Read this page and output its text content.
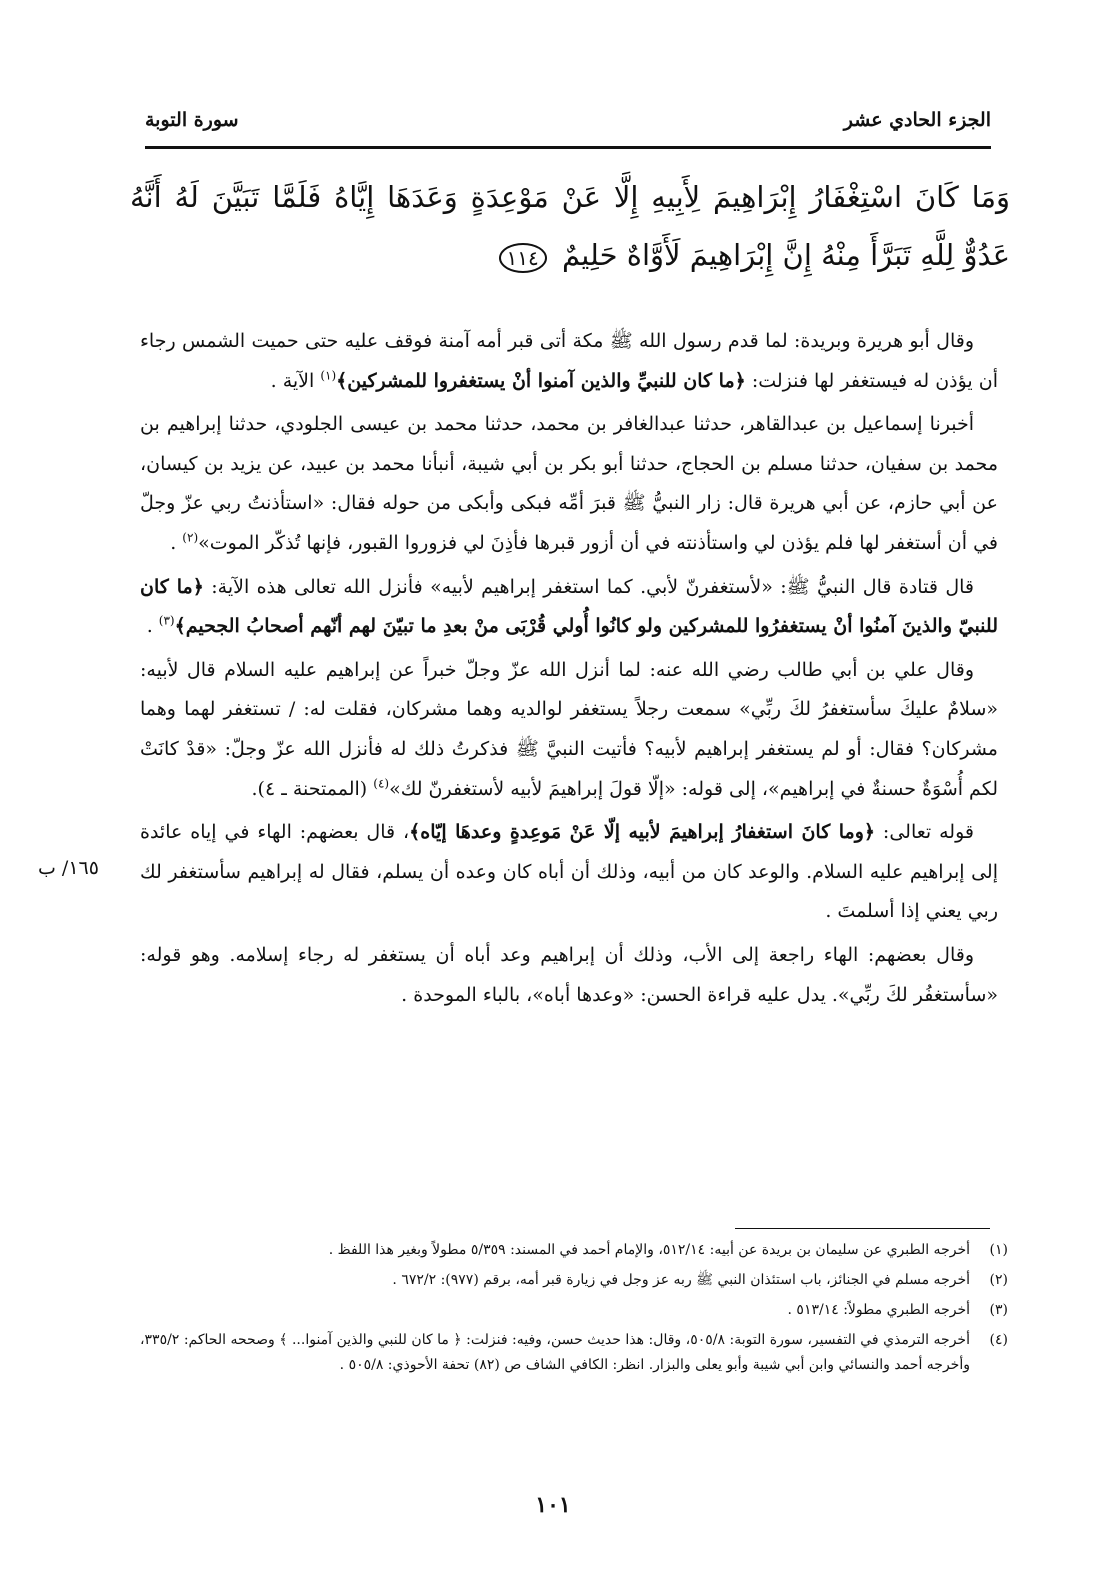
الجزء الحادي عشر
سورة التوبة
وَمَا كَانَ اسْتِغْفَارُ إِبْرَاهِيمَ لِأَبِيهِ إِلَّا عَنْ مَوْعِدَةٍ وَعَدَهَا إِيَّاهُ فَلَمَّا تَبَيَّنَ لَهُ أَنَّهُ عَدُوٌّ لِلَّهِ تَبَرَّأَ مِنْهُ إِنَّ إِبْرَاهِيمَ لَأَوَّاهٌ حَلِيمٌ ١١٤

وقال أبو هريرة وبريدة: لما قدم رسول الله ﷺ مكة أتى قبر أمه آمنة فوقف عليه حتى حميت الشمس رجاء أن يؤذن له فيستغفر لها فنزلت: ﴿ما كان للنبيِّ والذين آمنوا أنْ يستغفروا للمشركين﴾$^{(١)}$ الآية .

أخبرنا إسماعيل بن عبدالقاهر، حدثنا عبدالغافر بن محمد، حدثنا محمد بن عيسى الجلودي، حدثنا إبراهيم بن محمد بن سفيان، حدثنا مسلم بن الحجاج، حدثنا أبو بكر بن أبي شيبة، أنبأنا محمد بن عبيد، عن يزيد بن كيسان، عن أبي حازم، عن أبي هريرة قال: زار النبيُّ ﷺ قبرَ أمِّه فبكى وأبكى من حوله فقال: «استأذنتُ ربي عزّ وجلّ في أن أستغفر لها فلم يؤذن لي واستأذنته في أن أزور قبرها فأذِنَ لي فزوروا القبور، فإنها تُذكّر الموت»$^{(٢)}$ .

قال قتادة قال النبيُّ ﷺ: «لأستغفرنّ لأبي. كما استغفر إبراهيم لأبيه» فأنزل الله تعالى هذه الآية: ﴿ما كان للنبيّ والذينَ آمنُوا أنْ يستغفرُوا للمشركين ولو كانُوا أُولي قُرْبَى منْ بعدِ ما تبيّنَ لهم أنّهم أصحابُ الجحيم﴾$^{(٣)}$ .

وقال علي بن أبي طالب رضي الله عنه: لما أنزل الله عزّ وجلّ خبراً عن إبراهيم عليه السلام قال لأبيه: «سلامٌ عليكَ سأستغفرُ لكَ ربِّي» سمعت رجلاً يستغفر لوالديه وهما مشركان، فقلت له: / تستغفر لهما وهما مشركان؟ فقال: أو لم يستغفر إبراهيم لأبيه؟ فأتيت النبيَّ ﷺ فذكرتُ ذلك له فأنزل الله عزّ وجلّ: «قدْ كانَتْ لكم أُسْوَةٌ حسنةٌ في إبراهيم»، إلى قوله: «إلّا قولَ إبراهيمَ لأبيه لأستغفرنّ لك»$^{(٤)}$ (الممتحنة ـ ٤).

قوله تعالى: ﴿وما كانَ استغفارُ إبراهيمَ لأبيه إلّا عَنْ مَوعِدةٍ وعدهَا إيّاه﴾، قال بعضهم: الهاء في إياه عائدة إلى إبراهيم عليه السلام. والوعد كان من أبيه، وذلك أن أباه كان وعده أن يسلم، فقال له إبراهيم سأستغفر لك ربي يعني إذا أسلمتَ .

وقال بعضهم: الهاء راجعة إلى الأب، وذلك أن إبراهيم وعد أباه أن يستغفر له رجاء إسلامه. وهو قوله: «سأستغفُر لكَ ربِّي». يدل عليه قراءة الحسن: «وعدها أباه»، بالباء الموحدة .

١٦٥/ ب
(١)
أخرجه الطبري عن سليمان بن بريدة عن أبيه: ٥١٢/١٤، والإمام أحمد في المسند: ٥/٣٥٩ مطولاً وبغير هذا اللفظ .
(٢)
أخرجه مسلم في الجنائز، باب استئذان النبي ﷺ ربه عز وجل في زيارة قبر أمه، برقم (٩٧٧): ٦٧٢/٢ .
(٣)
أخرجه الطبري مطولاً: ٥١٣/١٤ .
(٤)
أخرجه الترمذي في التفسير، سورة التوبة: ٥٠٥/٨، وقال: هذا حديث حسن، وفيه: فنزلت: ﴿ ما كان للنبي والذين آمنوا... ﴾ وصححه الحاكم: ٣٣٥/٢، وأخرجه أحمد والنسائي وابن أبي شيبة وأبو يعلى والبزار. انظر: الكافي الشاف ص (٨٢) تحفة الأحوذي: ٥٠٥/٨ .
١٠١
